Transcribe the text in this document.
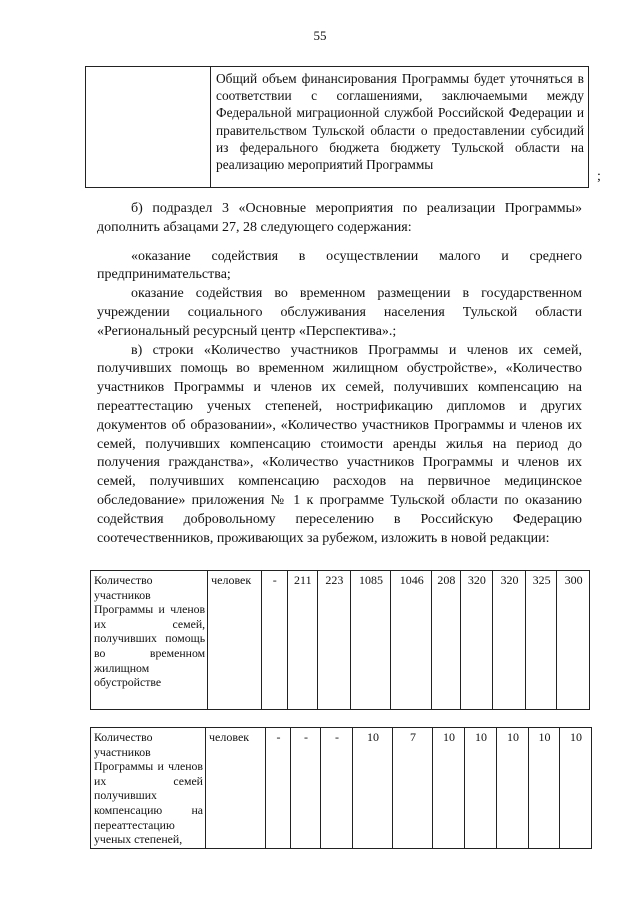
55

Общий объем финансирования Программы будет уточняться в соответствии с соглашениями, заключаемыми между Федеральной миграционной службой Российской Федерации и правительством Тульской области о предоставлении субсидий из федерального бюджета бюджету Тульской области на реализацию мероприятий Программы
;

б) подраздел 3 «Основные мероприятия по реализации Программы» дополнить абзацами 27, 28 следующего содержания:

«оказание содействия в осуществлении малого и среднего предпринимательства;

оказание содействия во временном размещении в государственном учреждении социального обслуживания населения Тульской области «Региональный ресурсный центр «Перспектива».;

в) строки «Количество участников Программы и членов их семей, получивших помощь во временном жилищном обустройстве», «Количество участников Программы и членов их семей, получивших компенсацию на переаттестацию ученых степеней, нострификацию дипломов и других документов об образовании», «Количество участников Программы и членов их семей, получивших компенсацию стоимости аренды жилья на период до получения гражданства», «Количество участников Программы и членов их семей, получивших компенсацию расходов на первичное медицинское обследование» приложения № 1 к программе Тульской области по оказанию содействия добровольному переселению в Российскую Федерацию соотечественников, проживающих за рубежом, изложить в новой редакции:

Количество участников Программы и членов их семей, получивших помощь во временном жилищном обустройстве	человек	-	211	223	1085	1046	208	320	320	325	300
Количество участников Программы и членов их семей получивших компенсацию на переаттестацию ученых степеней,	человек	-	-	-	10	7	10	10	10	10	10
